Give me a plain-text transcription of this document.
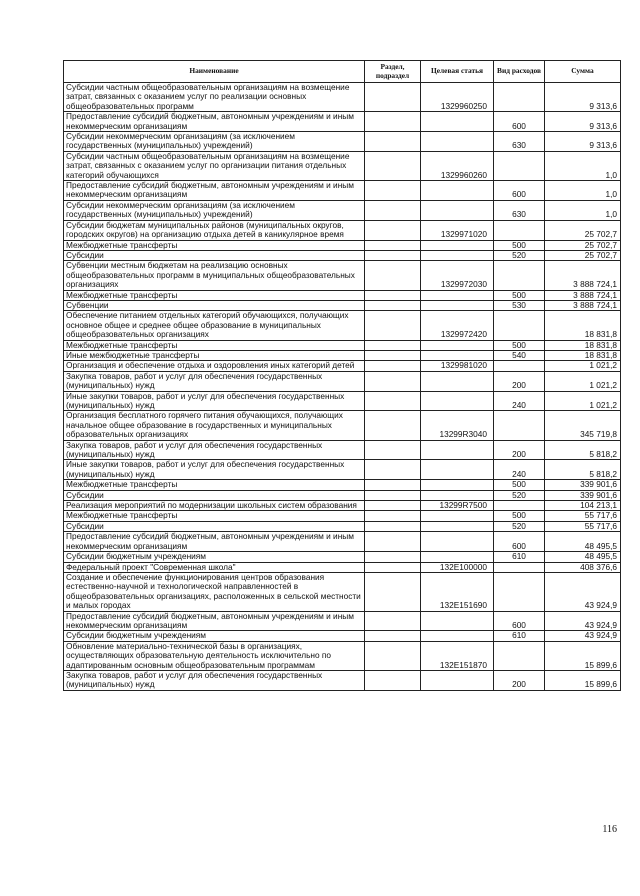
Наименование	Раздел, подраздел	Целевая статья	Вид расходов	Сумма
Субсидии частным общеобразовательным организациям на возмещение затрат, связанных с оказанием услуг по реализации основных общеобразовательных программ		1329960250		9 313,6
Предоставление субсидий бюджетным, автономным учреждениям и иным некоммерческим организациям			600	9 313,6
Субсидии некоммерческим организациям (за исключением государственных (муниципальных) учреждений)			630	9 313,6
Субсидии частным общеобразовательным организациям на возмещение затрат, связанных с оказанием услуг по организации питания отдельных категорий обучающихся		1329960260		1,0
Предоставление субсидий бюджетным, автономным учреждениям и иным некоммерческим организациям			600	1,0
Субсидии некоммерческим организациям (за исключением государственных (муниципальных) учреждений)			630	1,0
Субсидии бюджетам муниципальных районов (муниципальных округов, городских округов) на организацию отдыха детей в каникулярное время		1329971020		25 702,7
Межбюджетные трансферты			500	25 702,7
Субсидии			520	25 702,7
Субвенции местным бюджетам на реализацию основных общеобразовательных программ в муниципальных общеобразовательных организациях		1329972030		3 888 724,1
Межбюджетные трансферты			500	3 888 724,1
Субвенции			530	3 888 724,1
Обеспечение питанием отдельных категорий обучающихся, получающих основное общее и среднее общее образование в муниципальных общеобразовательных организациях		1329972420		18 831,8
Межбюджетные трансферты			500	18 831,8
Иные межбюджетные трансферты			540	18 831,8
Организация и обеспечение отдыха и оздоровления иных категорий детей		1329981020		1 021,2
Закупка товаров, работ и услуг для обеспечения государственных (муниципальных) нужд			200	1 021,2
Иные закупки товаров, работ и услуг для обеспечения государственных (муниципальных) нужд			240	1 021,2
Организация бесплатного горячего питания обучающихся, получающих начальное общее образование в государственных и муниципальных образовательных организациях		13299R3040		345 719,8
Закупка товаров, работ и услуг для обеспечения государственных (муниципальных) нужд			200	5 818,2
Иные закупки товаров, работ и услуг для обеспечения государственных (муниципальных) нужд			240	5 818,2
Межбюджетные трансферты			500	339 901,6
Субсидии			520	339 901,6
Реализация мероприятий по модернизации школьных систем образования		13299R7500		104 213,1
Межбюджетные трансферты			500	55 717,6
Субсидии			520	55 717,6
Предоставление субсидий бюджетным, автономным учреждениям и иным некоммерческим организациям			600	48 495,5
Субсидии бюджетным учреждениям			610	48 495,5
Федеральный проект "Современная школа"		132E100000		408 376,6
Создание и обеспечение функционирования центров образования естественно-научной и технологической направленностей в общеобразовательных организациях, расположенных в сельской местности и малых городах		132E151690		43 924,9
Предоставление субсидий бюджетным, автономным учреждениям и иным некоммерческим организациям			600	43 924,9
Субсидии бюджетным учреждениям			610	43 924,9
Обновление материально-технической базы в организациях, осуществляющих образовательную деятельность исключительно по адаптированным основным общеобразовательным программам		132E151870		15 899,6
Закупка товаров, работ и услуг для обеспечения государственных (муниципальных) нужд			200	15 899,6
116
